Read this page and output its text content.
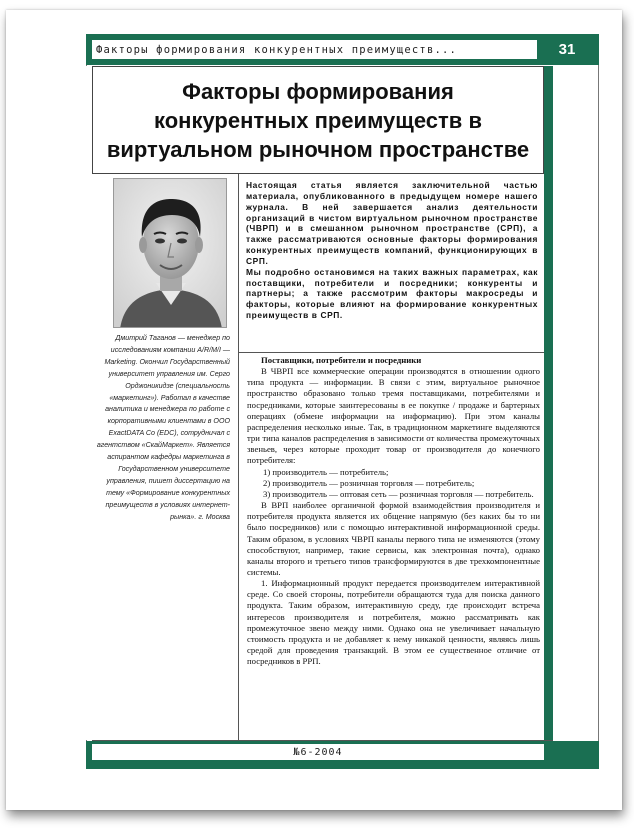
Факторы формирования конкурентных преимуществ...	31
Факторы формирования
конкурентных преимуществ в
виртуальном рыночном пространстве
Дмитрий Таганов — менеджер по исследованиям компании A/R/M/I — Marketing. Окончил Государственный университет управления им. Серго Орджоникидзе (специальность «маркетинг»). Работал в качестве аналитика и менеджера по работе с корпоративными клиентами в ООО ExactDATA Co (EDC), сотрудничал с агентством «СкайМаркет». Является аспирантом кафедры маркетинга в Государственном университете управления, пишет диссертацию на тему «Формирование конкурентных преимуществ в условиях интернет-рынка». г. Москва

Настоящая статья является заключительной частью материала, опубликованного в предыдущем номере нашего журнала. В ней завершается анализ деятельности организаций в чистом виртуальном рыночном пространстве (ЧВРП) и в смешанном рыночном пространстве (СРП), а также рассматриваются основные факторы формирования конкурентных преимуществ компаний, функционирующих в СРП.

Мы подробно остановимся на таких важных параметрах, как поставщики, потребители и посредники; конкуренты и партнеры; а также рассмотрим факторы макросреды и факторы, которые влияют на формирование конкурентных преимуществ в СРП.

Поставщики, потребители и посредники

В ЧВРП все коммерческие операции производятся в отношении одного типа продукта — информации. В связи с этим, виртуальное рыночное пространство образовано только тремя поставщиками, потребителями и посредниками, которые заинтересованы в ее покупке / продаже и бартерных операциях (обмене информации на информацию). При этом каналы распределения несколько иные. Так, в традиционном маркетинге выделяются три типа каналов распределения в зависимости от количества промежуточных звеньев, через которые проходит товар от производителя до конечного потребителя:

1) производитель — потребитель;
2) производитель — розничная торговля — потребитель;
3) производитель — оптовая сеть — розничная торговля — потребитель.

В ВРП наиболее органичной формой взаимодействия производителя и потребителя продукта является их общение напрямую (без каких бы то ни было посредников) или с помощью интерактивной информационной среды. Таким образом, в условиях ЧВРП каналы первого типа не изменяются (этому способствуют, например, такие сервисы, как электронная почта), однако каналы второго и третьего типов трансформируются в две трехкомпонентные системы.

1. Информационный продукт передается производителем интерактивной среде. Со своей стороны, потребители обращаются туда для поиска данного продукта. Таким образом, интерактивную среду, где происходит встреча интересов производителя и потребителя, можно рассматривать как промежуточное звено между ними. Однако она не увеличивает начальную стоимость продукта и не добавляет к нему никакой ценности, являясь лишь средой для проведения транзакций. В этом ее существенное отличие от посредников в РРП.

№6-2004
